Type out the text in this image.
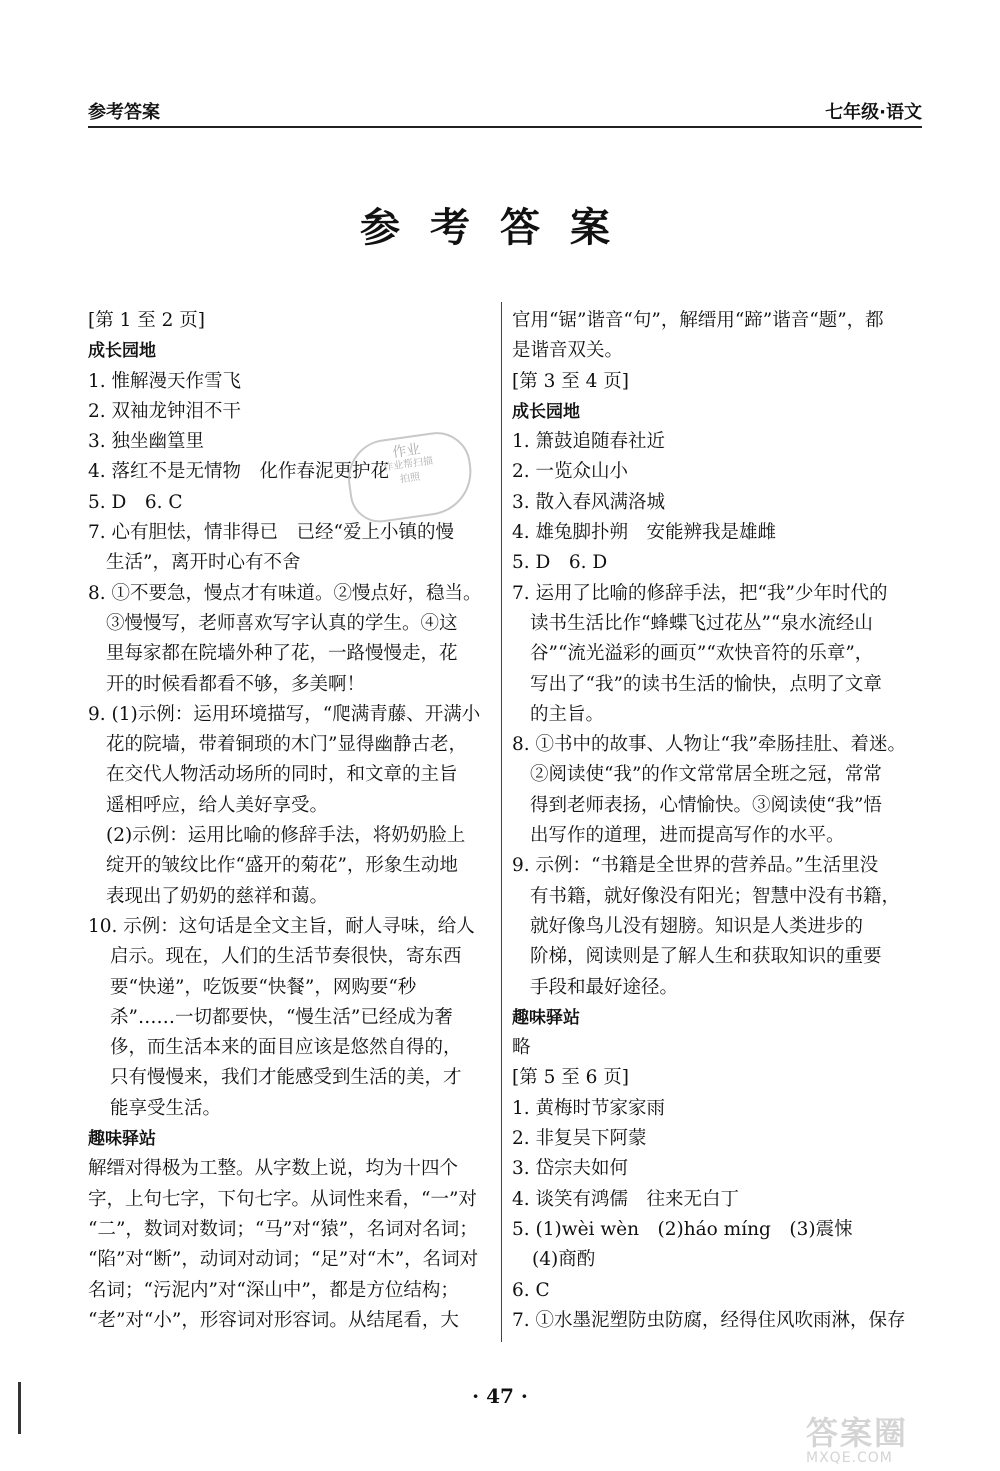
参考答案	七年级·语文
参考答案

[第 1 至 2 页]

成长园地

1. 惟解漫天作雪飞

2. 双袖龙钟泪不干

3. 独坐幽篁里

4. 落红不是无情物　化作春泥更护花

5. D　6. C

7. 心有胆怯，情非得已　已经“爱上小镇的慢

生活”，离开时心有不舍

8. ①不要急，慢点才有味道。②慢点好，稳当。

③慢慢写，老师喜欢写字认真的学生。④这

里每家都在院墙外种了花，一路慢慢走，花

开的时候看都看不够，多美啊！

9. (1)示例：运用环境描写，“爬满青藤、开满小

花的院墙，带着铜琐的木门”显得幽静古老，

在交代人物活动场所的同时，和文章的主旨

遥相呼应，给人美好享受。

(2)示例：运用比喻的修辞手法，将奶奶脸上

绽开的皱纹比作“盛开的菊花”，形象生动地

表现出了奶奶的慈祥和蔼。

10. 示例：这句话是全文主旨，耐人寻味，给人

启示。现在，人们的生活节奏很快，寄东西

要“快递”，吃饭要“快餐”，网购要“秒

杀”……一切都要快，“慢生活”已经成为奢

侈，而生活本来的面目应该是悠然自得的，

只有慢慢来，我们才能感受到生活的美，才

能享受生活。

趣味驿站

解缙对得极为工整。从字数上说，均为十四个

字，上句七字，下句七字。从词性来看，“一”对

“二”，数词对数词；“马”对“猿”，名词对名词；

“陷”对“断”，动词对动词；“足”对“木”，名词对

名词；“污泥内”对“深山中”，都是方位结构；

“老”对“小”，形容词对形容词。从结尾看，大

官用“锯”谐音“句”，解缙用“蹄”谐音“题”，都

是谐音双关。

[第 3 至 4 页]

成长园地

1. 箫鼓追随春社近

2. 一览众山小

3. 散入春风满洛城

4. 雄兔脚扑朔　安能辨我是雄雌

5. D　6. D

7. 运用了比喻的修辞手法，把“我”少年时代的

读书生活比作“蜂蝶飞过花丛”“泉水流经山

谷”“流光溢彩的画页”“欢快音符的乐章”，

写出了“我”的读书生活的愉快，点明了文章

的主旨。

8. ①书中的故事、人物让“我”牵肠挂肚、着迷。

②阅读使“我”的作文常常居全班之冠，常常

得到老师表扬，心情愉快。③阅读使“我”悟

出写作的道理，进而提高写作的水平。

9. 示例：“书籍是全世界的营养品。”生活里没

有书籍，就好像没有阳光；智慧中没有书籍，

就好像鸟儿没有翅膀。知识是人类进步的

阶梯，阅读则是了解人生和获取知识的重要

手段和最好途径。

趣味驿站

略

[第 5 至 6 页]

1. 黄梅时节家家雨

2. 非复吴下阿蒙

3. 岱宗夫如何

4. 谈笑有鸿儒　往来无白丁

5. (1)wèi wèn　(2)háo míng　(3)震悚

(4)商酌

6. C

7. ①水墨泥塑防虫防腐，经得住风吹雨淋，保存

作业
作业帮扫描
拍照
· 47 ·
答案圈
MXQE.COM
